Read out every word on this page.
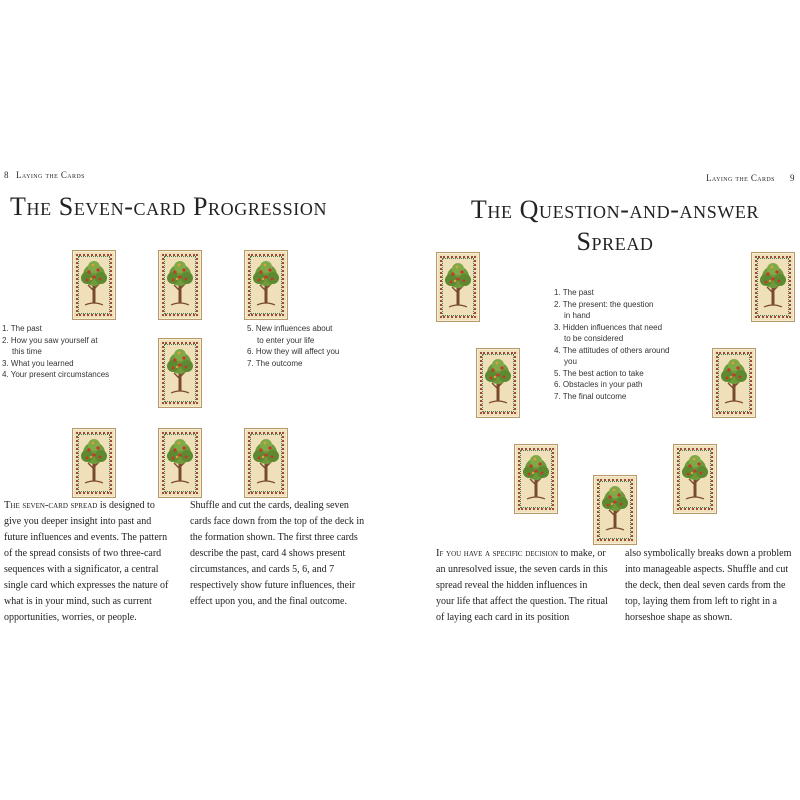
8 Laying the Cards
The Seven-card Progression
1. The past
2. How you saw yourself at
this time
3. What you learned
4. Your present circumstances
5. New influences about
to enter your life
6. How they will affect you
7. The outcome

The seven-card spread is designed to give you deeper insight into past and future influences and events. The pattern of the spread consists of two three-card sequences with a significator, a central single card which expresses the nature of what is in your mind, such as current opportunities, worries, or people.

Shuffle and cut the cards, dealing seven cards face down from the top of the deck in the formation shown. The first three cards describe the past, card 4 shows present circumstances, and cards 5, 6, and 7 respectively show future influences, their effect upon you, and the final outcome.

Laying the Cards 9
The Question-and-answer
Spread
1. The past
2. The present: the question
in hand
3. Hidden influences that need
to be considered
4. The attitudes of others around
you
5. The best action to take
6. Obstacles in your path
7. The final outcome

If you have a specific decision to make, or an unresolved issue, the seven cards in this spread reveal the hidden influences in your life that affect the question. The ritual of laying each card in its position

also symbolically breaks down a problem into manageable aspects. Shuffle and cut the deck, then deal seven cards from the top, laying them from left to right in a horseshoe shape as shown.
